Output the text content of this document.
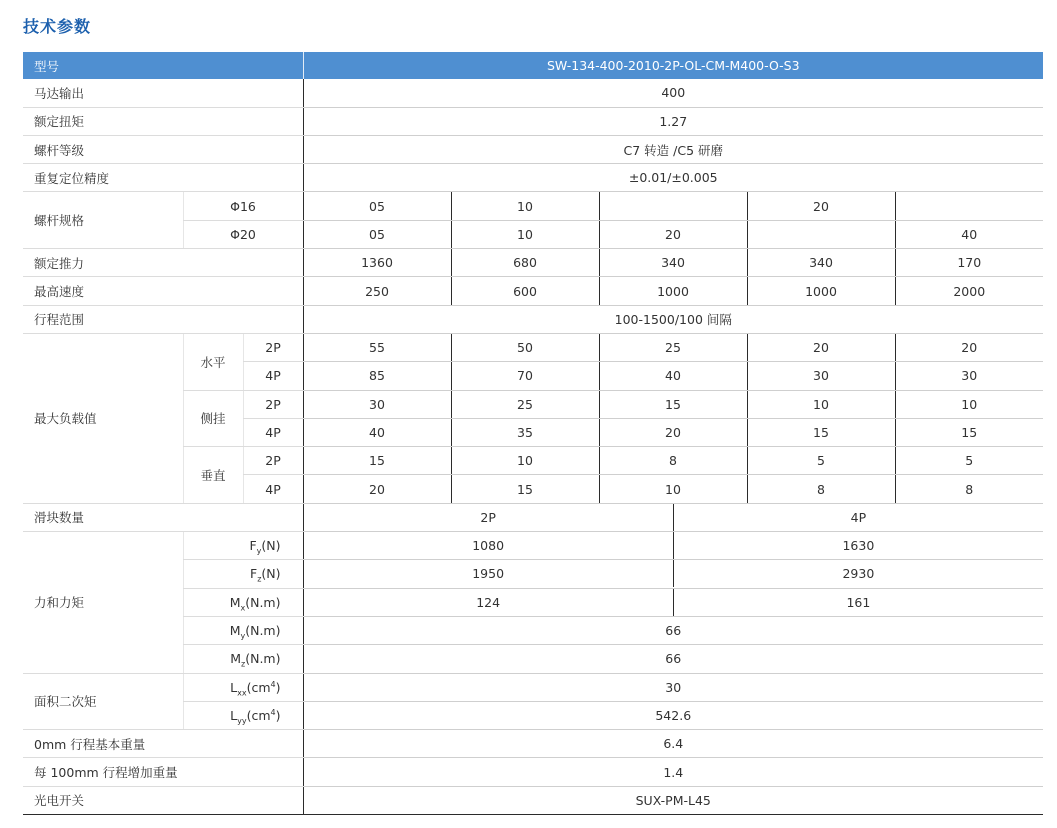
技术参数
型号			SW-134-400-2010-2P-OL-CM-M400-O-S3				
马达输出			400				
额定扭矩			1.27				
螺杆等级			C7 转造 /C5 研磨				
重复定位精度			±0.01/±0.005				
螺杆规格	Φ16		05	10		20	
	Φ20		05	10	20		40
额定推力			1360	680	340	340	170
最高速度			250	600	1000	1000	2000
行程范围			100-1500/100 间隔				
最大负载值	水平	2P	55	50	25	20	20
		4P	85	70	40	30	30
	侧挂	2P	30	25	15	10	10
		4P	40	35	20	15	15
	垂直	2P	15	10	8	5	5
		4P	20	15	10	8	8
滑块数量			2P 4P				

力和力矩	$F_y(N)$		1080 1630				

	$F_z(N)$		1950 2930				

	$M_x(N.m)$		124 161				

	$M_y(N.m)$		66				
	$M_z(N.m)$		66				
面积二次矩	$L_{xx}(cm^4)$		30				
	$L_{yy}(cm^4)$		542.6				
0mm 行程基本重量			6.4				
每 100mm 行程增加重量			1.4				
光电开关			SUX-PM-L45				
